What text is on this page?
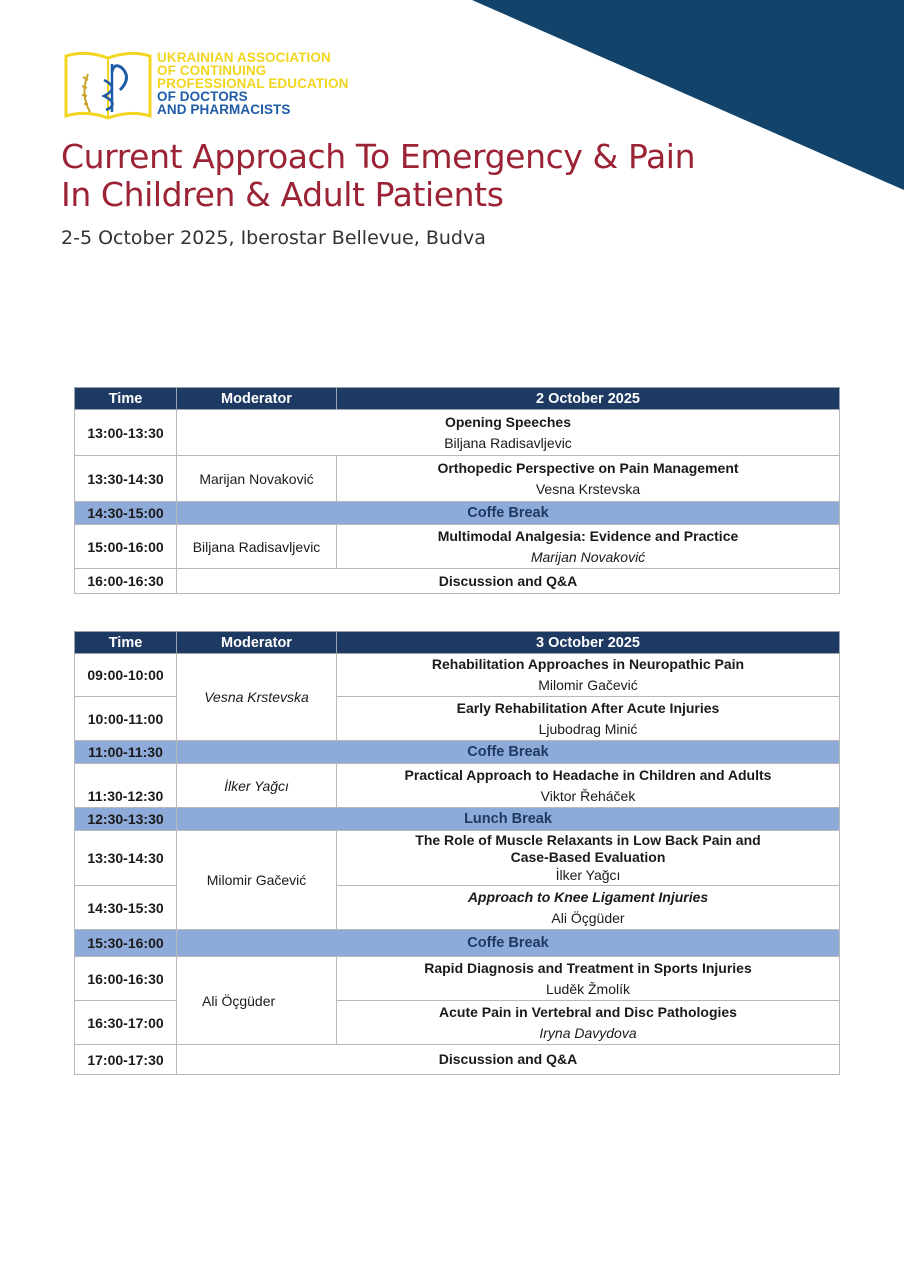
UKRAINIAN ASSOCIATION
OF CONTINUING
PROFESSIONAL EDUCATION
OF DOCTORS
AND PHARMACISTS
Current Approach To Emergency & Pain
In Children & Adult Patients
2-5 October 2025, Iberostar Bellevue, Budva
Time	Moderator	2 October 2025
13:00-13:30	Opening Speeches
Biljana Radisavljevic	

13:30-14:30	Marijan Novaković	Orthopedic Perspective on Pain Management
Vesna Krstevska

14:30-15:00	Coffe Break	
15:00-16:00	Biljana Radisavljevic	Multimodal Analgesia: Evidence and Practice
Marijan Novaković

16:00-16:30	Discussion and Q&A	
Time	Moderator	3 October 2025
09:00-10:00	Vesna Krstevska	Rehabilitation Approaches in Neuropathic Pain
Milomir Gačević

10:00-11:00		Early Rehabilitation After Acute Injuries
Ljubodrag Minić

11:00-11:30	Coffe Break	
11:30-12:30	İlker Yağcı	Practical Approach to Headache in Children and Adults
Viktor Řeháček

12:30-13:30	Lunch Break	
13:30-14:30	Milomir Gačević	The Role of Muscle Relaxants in Low Back Pain and
Case-Based Evaluation
İlker Yağcı

14:30-15:30		Approach to Knee Ligament Injuries
Ali Öçgüder

15:30-16:00	Coffe Break	
16:00-16:30	Ali Öçgüder	Rapid Diagnosis and Treatment in Sports Injuries
Luděk Žmolík

16:30-17:00		Acute Pain in Vertebral and Disc Pathologies
Iryna Davydova

17:00-17:30	Discussion and Q&A	
